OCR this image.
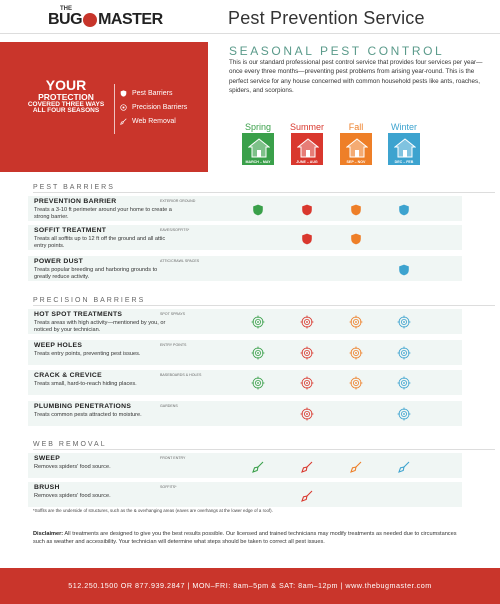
THE
BUG MASTER	Pest Prevention Service
YOUR
PROTECTION
COVERED THREE WAYS
ALL FOUR SEASONS
Pest Barriers
Precision Barriers
Web Removal
SEASONAL PEST CONTROL
This is our standard professional pest control service that provides four services per year—once every three months—preventing pest problems from arising year-round. This is the perfect service for any house concerned with common household pests like ants, roaches, spiders, and scorpions.
Spring
MARCH – MAY
Summer
JUNE – AUG
Fall
SEP – NOV
Winter
DEC – FEB
PEST BARRIERS
PRECISION BARRIERS
WEB REMOVAL
PREVENTION BARRIER
Treats a 3-10 ft perimeter around your home to create a strong barrier.
EXTERIOR GROUND
SOFFIT TREATMENT
Treats all soffits up to 12 ft off the ground and all attic entry points.
EAVES/SOFFITS*
POWER DUST
Treats popular breeding and harboring grounds to greatly reduce activity.
ATTIC/CRAWL SPACES
HOT SPOT TREATMENTS
Treats areas with high activity—mentioned by you, or noticed by your technician.
SPOT SPRAYS
WEEP HOLES
Treats entry points, preventing pest issues.
ENTRY POINTS
CRACK & CREVICE
Treats small, hard-to-reach hiding places.
BASEBOARDS & HOLES
PLUMBING PENETRATIONS
Treats common pests attracted to moisture.
GARDENS
SWEEP
Removes spiders' food source.
FRONT ENTRY
BRUSH
Removes spiders' food source.
SOFFITS*
*Soffits are the underside of structures, such as the & overhanging areas (eaves are overhangs at the lower edge of a roof).
Disclaimer: All treatments are designed to give you the best results possible. Our licensed and trained technicians may modify treatments as needed due to circumstances such as weather and accessibility. Your technician will determine what steps should be taken to correct all pest issues.
512.250.1500 OR 877.939.2847 | MON–FRI: 8am–5pm & SAT: 8am–12pm | www.thebugmaster.com
